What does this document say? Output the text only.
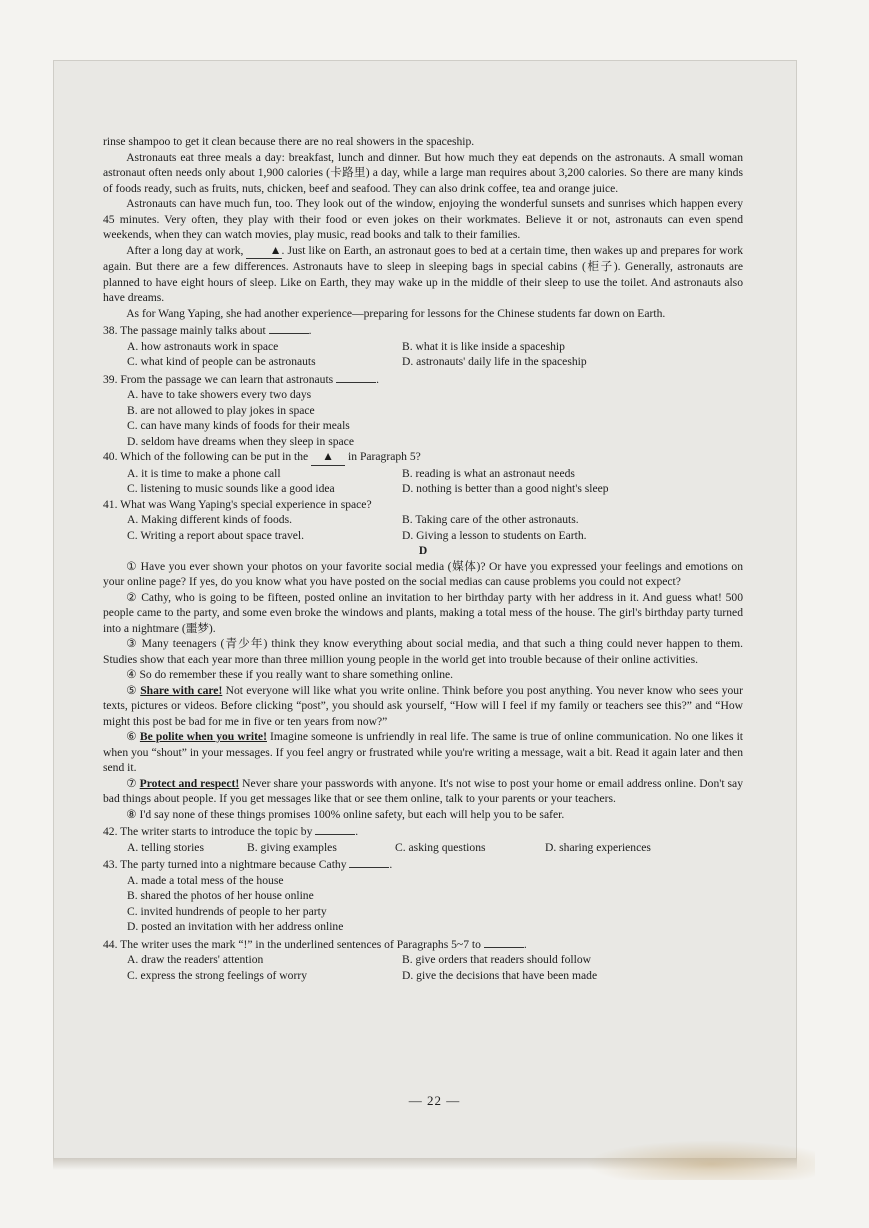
rinse shampoo to get it clean because there are no real showers in the spaceship.

Astronauts eat three meals a day: breakfast, lunch and dinner. But how much they eat depends on the astronauts. A small woman astronaut often needs only about 1,900 calories (卡路里) a day, while a large man requires about 3,200 calories. So there are many kinds of foods ready, such as fruits, nuts, chicken, beef and seafood. They can also drink coffee, tea and orange juice.

Astronauts can have much fun, too. They look out of the window, enjoying the wonderful sunsets and sunrises which happen every 45 minutes. Very often, they play with their food or even jokes on their workmates. Believe it or not, astronauts can even spend weekends, when they can watch movies, play music, read books and talk to their families.

After a long day at work, ▲. Just like on Earth, an astronaut goes to bed at a certain time, then wakes up and prepares for work again. But there are a few differences. Astronauts have to sleep in sleeping bags in special cabins (柜子). Generally, astronauts are planned to have eight hours of sleep. Like on Earth, they may wake up in the middle of their sleep to use the toilet. And astronauts also have dreams.

As for Wang Yaping, she had another experience—preparing for lessons for the Chinese students far down on Earth.

38. The passage mainly talks about	.

A. how astronauts work in space	B. what it is like inside a spaceship
C. what kind of people can be astronauts	D. astronauts' daily life in the spaceship

39. From the passage we can learn that astronauts	.

A. have to take showers every two days

B. are not allowed to play jokes in space

C. can have many kinds of foods for their meals

D. seldom have dreams when they sleep in space

40. Which of the following can be put in the ▲ in Paragraph 5?

A. it is time to make a phone call	B. reading is what an astronaut needs
C. listening to music sounds like a good idea	D. nothing is better than a good night's sleep

41. What was Wang Yaping's special experience in space?

A. Making different kinds of foods.	B. Taking care of the other astronauts.
C. Writing a report about space travel.	D. Giving a lesson to students on Earth.

D

① Have you ever shown your photos on your favorite social media (媒体)? Or have you expressed your feelings and emotions on your online page? If yes, do you know what you have posted on the social medias can cause problems you could not expect?

② Cathy, who is going to be fifteen, posted online an invitation to her birthday party with her address in it. And guess what! 500 people came to the party, and some even broke the windows and plants, making a total mess of the house. The girl's birthday party turned into a nightmare (噩梦).

③ Many teenagers (青少年) think they know everything about social media, and that such a thing could never happen to them. Studies show that each year more than three million young people in the world get into trouble because of their online activities.

④ So do remember these if you really want to share something online.

⑤ Share with care! Not everyone will like what you write online. Think before you post anything. You never know who sees your texts, pictures or videos. Before clicking “post”, you should ask yourself, “How will I feel if my family or teachers see this?” and “How might this post be bad for me in five or ten years from now?”

⑥ Be polite when you write! Imagine someone is unfriendly in real life. The same is true of online communication. No one likes it when you “shout” in your messages. If you feel angry or frustrated while you're writing a message, wait a bit. Read it again later and then send it.

⑦ Protect and respect! Never share your passwords with anyone. It's not wise to post your home or email address online. Don't say bad things about people. If you get messages like that or see them online, talk to your parents or your teachers.

⑧ I'd say none of these things promises 100% online safety, but each will help you to be safer.

42. The writer starts to introduce the topic by	.

A. telling stories	B. giving examples	C. asking questions	D. sharing experiences

43. The party turned into a nightmare because Cathy	.

A. made a total mess of the house

B. shared the photos of her house online

C. invited hundrends of people to her party

D. posted an invitation with her address online

44. The writer uses the mark “!” in the underlined sentences of Paragraphs 5~7 to	.

A. draw the readers' attention	B. give orders that readers should follow
C. express the strong feelings of worry	D. give the decisions that have been made
— 22 —
